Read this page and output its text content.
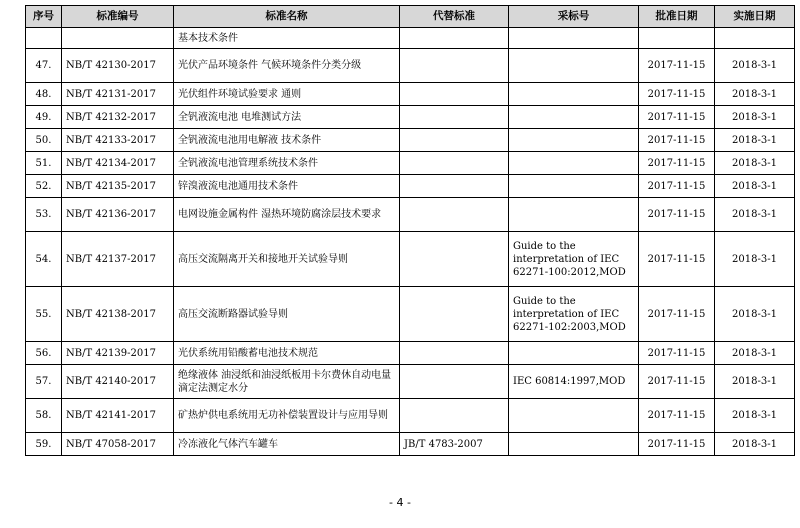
序号	标准编号	标准名称	代替标准	采标号	批准日期	实施日期
		基本技术条件				
47.	NB/T 42130-2017	光伏产品环境条件 气候环境条件分类分级			2017-11-15	2018-3-1
48.	NB/T 42131-2017	光伏组件环境试验要求 通则			2017-11-15	2018-3-1
49.	NB/T 42132-2017	全钒液流电池 电堆测试方法			2017-11-15	2018-3-1
50.	NB/T 42133-2017	全钒液流电池用电解液 技术条件			2017-11-15	2018-3-1
51.	NB/T 42134-2017	全钒液流电池管理系统技术条件			2017-11-15	2018-3-1
52.	NB/T 42135-2017	锌溴液流电池通用技术条件			2017-11-15	2018-3-1
53.	NB/T 42136-2017	电网设施金属构件 湿热环境防腐涂层技术要求			2017-11-15	2018-3-1
54.	NB/T 42137-2017	高压交流隔离开关和接地开关试验导则		Guide to the interpretation of IEC 62271-100:2012,MOD	2017-11-15	2018-3-1
55.	NB/T 42138-2017	高压交流断路器试验导则		Guide to the interpretation of IEC 62271-102:2003,MOD	2017-11-15	2018-3-1
56.	NB/T 42139-2017	光伏系统用铅酸蓄电池技术规范			2017-11-15	2018-3-1
57.	NB/T 42140-2017	绝缘液体 油浸纸和油浸纸板用卡尔费休自动电量滴定法测定水分		IEC 60814:1997,MOD	2017-11-15	2018-3-1
58.	NB/T 42141-2017	矿热炉供电系统用无功补偿装置设计与应用导则			2017-11-15	2018-3-1
59.	NB/T 47058-2017	冷冻液化气体汽车罐车	JB/T 4783-2007		2017-11-15	2018-3-1
- 4 -
